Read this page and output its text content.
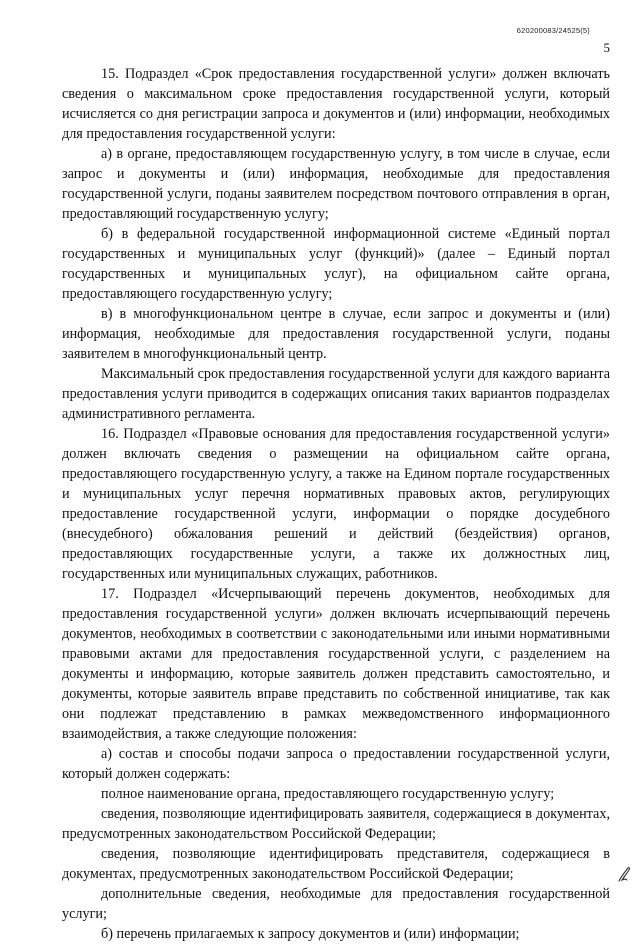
620200083/24525(5)
5

15. Подраздел «Срок предоставления государственной услуги» должен включать сведения о максимальном сроке предоставления государственной услуги, который исчисляется со дня регистрации запроса и документов и (или) информации, необходимых для предоставления государственной услуги:

а) в органе, предоставляющем государственную услугу, в том числе в случае, если запрос и документы и (или) информация, необходимые для предоставления государственной услуги, поданы заявителем посредством почтового отправления в орган, предоставляющий государственную услугу;

б) в федеральной государственной информационной системе «Единый портал государственных и муниципальных услуг (функций)» (далее – Единый портал государственных и муниципальных услуг), на официальном сайте органа, предоставляющего государственную услугу;

в) в многофункциональном центре в случае, если запрос и документы и (или) информация, необходимые для предоставления государственной услуги, поданы заявителем в многофункциональный центр.

Максимальный срок предоставления государственной услуги для каждого варианта предоставления услуги приводится в содержащих описания таких вариантов подразделах административного регламента.

16. Подраздел «Правовые основания для предоставления государственной услуги» должен включать сведения о размещении на официальном сайте органа, предоставляющего государственную услугу, а также на Едином портале государственных и муниципальных услуг перечня нормативных правовых актов, регулирующих предоставление государственной услуги, информации о порядке досудебного (внесудебного) обжалования решений и действий (бездействия) органов, предоставляющих государственные услуги, а также их должностных лиц, государственных или муниципальных служащих, работников.

17. Подраздел «Исчерпывающий перечень документов, необходимых для предоставления государственной услуги» должен включать исчерпывающий перечень документов, необходимых в соответствии с законодательными или иными нормативными правовыми актами для предоставления государственной услуги, с разделением на документы и информацию, которые заявитель должен представить самостоятельно, и документы, которые заявитель вправе представить по собственной инициативе, так как они подлежат представлению в рамках межведомственного информационного взаимодействия, а также следующие положения:

а) состав и способы подачи запроса о предоставлении государственной услуги, который должен содержать:

полное наименование органа, предоставляющего государственную услугу;

сведения, позволяющие идентифицировать заявителя, содержащиеся в документах, предусмотренных законодательством Российской Федерации;

сведения, позволяющие идентифицировать представителя, содержащиеся в документах, предусмотренных законодательством Российской Федерации;

дополнительные сведения, необходимые для предоставления государственной услуги;

б) перечень прилагаемых к запросу документов и (или) информации;
